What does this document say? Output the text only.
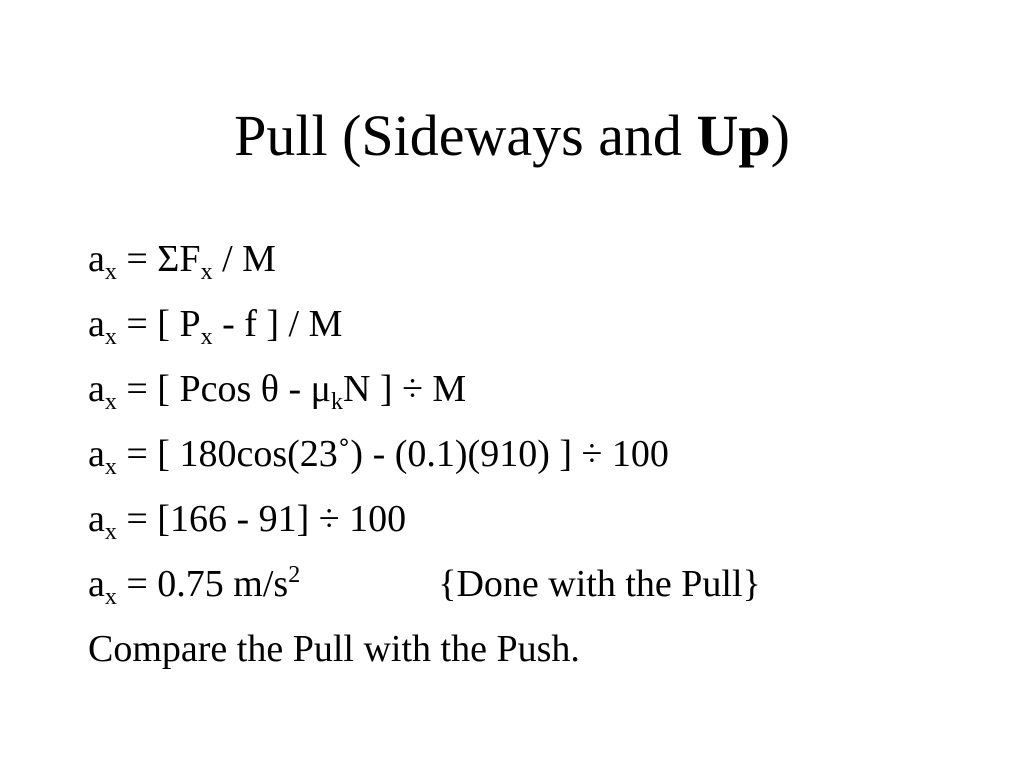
Pull (Sideways and Up)
$a_x = \Sigma F_x / M$
$a_x$ = [ $P_x$ - f ] / M
$a_x$ = [ Pcos θ - $\mu_kN$ ] ÷ M
$a_x$ = [ 180cos(23˚) - (0.1)(910) ] ÷ 100
$a_x = [166 - 91] \div 100$
$a_x = 0.75$ $m/s^2$	{Done with the Pull}
Compare the Pull with the Push.
